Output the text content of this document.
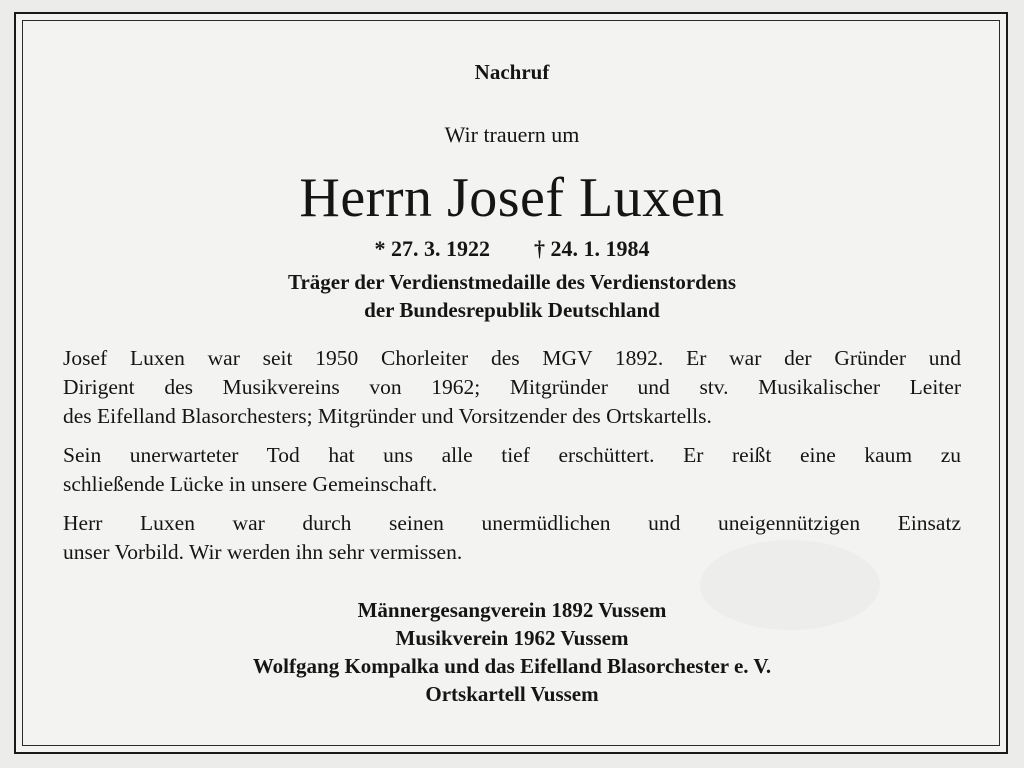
Nachruf
Wir trauern um
Herrn Josef Luxen
* 27. 3. 1922 † 24. 1. 1984
Träger der Verdienstmedaille des Verdienstordens
der Bundesrepublik Deutschland
Josef Luxen war seit 1950 Chorleiter des MGV 1892. Er war der Gründer und
Dirigent des Musikvereins von 1962; Mitgründer und stv. Musikalischer Leiter
des Eifelland Blasorchesters; Mitgründer und Vorsitzender des Ortskartells.
Sein unerwarteter Tod hat uns alle tief erschüttert. Er reißt eine kaum zu
schließende Lücke in unsere Gemeinschaft.
Herr Luxen war durch seinen unermüdlichen und uneigennützigen Einsatz
unser Vorbild. Wir werden ihn sehr vermissen.
Männergesangverein 1892 Vussem
Musikverein 1962 Vussem
Wolfgang Kompalka und das Eifelland Blasorchester e. V.
Ortskartell Vussem
